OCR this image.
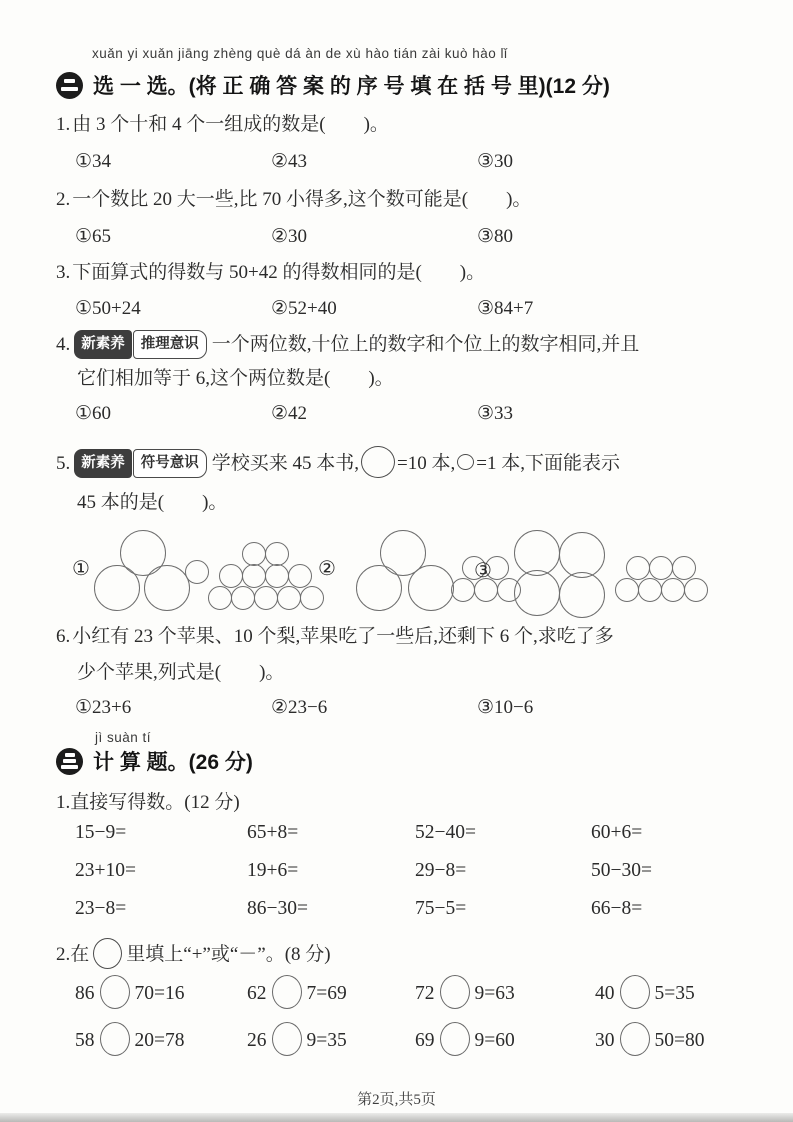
xuǎn yi xuǎn jiāng zhèng què dá àn de xù hào tián zài kuò hào lǐ
选 一 选。(将 正 确 答 案 的 序 号 填 在 括 号 里)(12 分)
1. 由 3 个十和 4 个一组成的数是(　　)。
①34	②43	③30
2. 一个数比 20 大一些,比 70 小得多,这个数可能是(　　)。
①65	②30	③80
3. 下面算式的得数与 50+42 的得数相同的是(　　)。
①50+24	②52+40	③84+7
4. 新素养 推理意识 一个两位数,十位上的数字和个位上的数字相同,并且
它们相加等于 6,这个两位数是(　　)。
①60	②42	③33
5. 新素养 符号意识 学校买来 45 本书, =10 本, =1 本,下面能表示
45 本的是(　　)。
①	②	③
6. 小红有 23 个苹果、10 个梨,苹果吃了一些后,还剩下 6 个,求吃了多
少个苹果,列式是(　　)。
①23+6	②23−6	③10−6
jì suàn tí
计 算 题。(26 分)
1.直接写得数。(12 分)
15−9=	65+8=	52−40=	60+6=
23+10=	19+6=	29−8=	50−30=
23−8=	86−30=	75−5=	66−8=
2.在 里填上“+”或“－”。(8 分)
86 70=16	62 7=69	72 9=63	40 5=35
58 20=78	26 9=35	69 9=60	30 50=80
第2页,共5页
